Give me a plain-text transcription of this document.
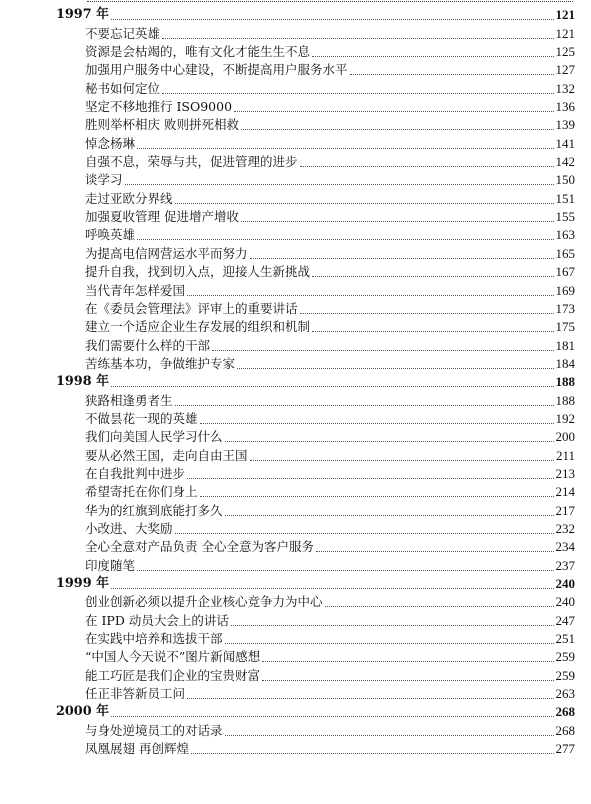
1997 年	121
不要忘记英雄	121
资源是会枯竭的，唯有文化才能生生不息	125
加强用户服务中心建设，不断提高用户服务水平	127
秘书如何定位	132
坚定不移地推行 ISO9000	136
胜则举杯相庆 败则拼死相救	139
悼念杨琳	141
自强不息，荣辱与共，促进管理的进步	142
谈学习	150
走过亚欧分界线	151
加强夏收管理 促进增产增收	155
呼唤英雄	163
为提高电信网营运水平而努力	165
提升自我，找到切入点，迎接人生新挑战	167
当代青年怎样爱国	169
在《委员会管理法》评审上的重要讲话	173
建立一个适应企业生存发展的组织和机制	175
我们需要什么样的干部	181
苦练基本功，争做维护专家	184
1998 年	188
狭路相逢勇者生	188
不做昙花一现的英雄	192
我们向美国人民学习什么	200
要从必然王国，走向自由王国	211
在自我批判中进步	213
希望寄托在你们身上	214
华为的红旗到底能打多久	217
小改进、大奖励	232
全心全意对产品负责 全心全意为客户服务	234
印度随笔	237
1999 年	240
创业创新必须以提升企业核心竞争力为中心	240
在 IPD 动员大会上的讲话	247
在实践中培养和选拔干部	251
“中国人今天说不”图片新闻感想	259
能工巧匠是我们企业的宝贵财富	259
任正非答新员工问	263
2000 年	268
与身处逆境员工的对话录	268
凤凰展翅 再创辉煌	277
